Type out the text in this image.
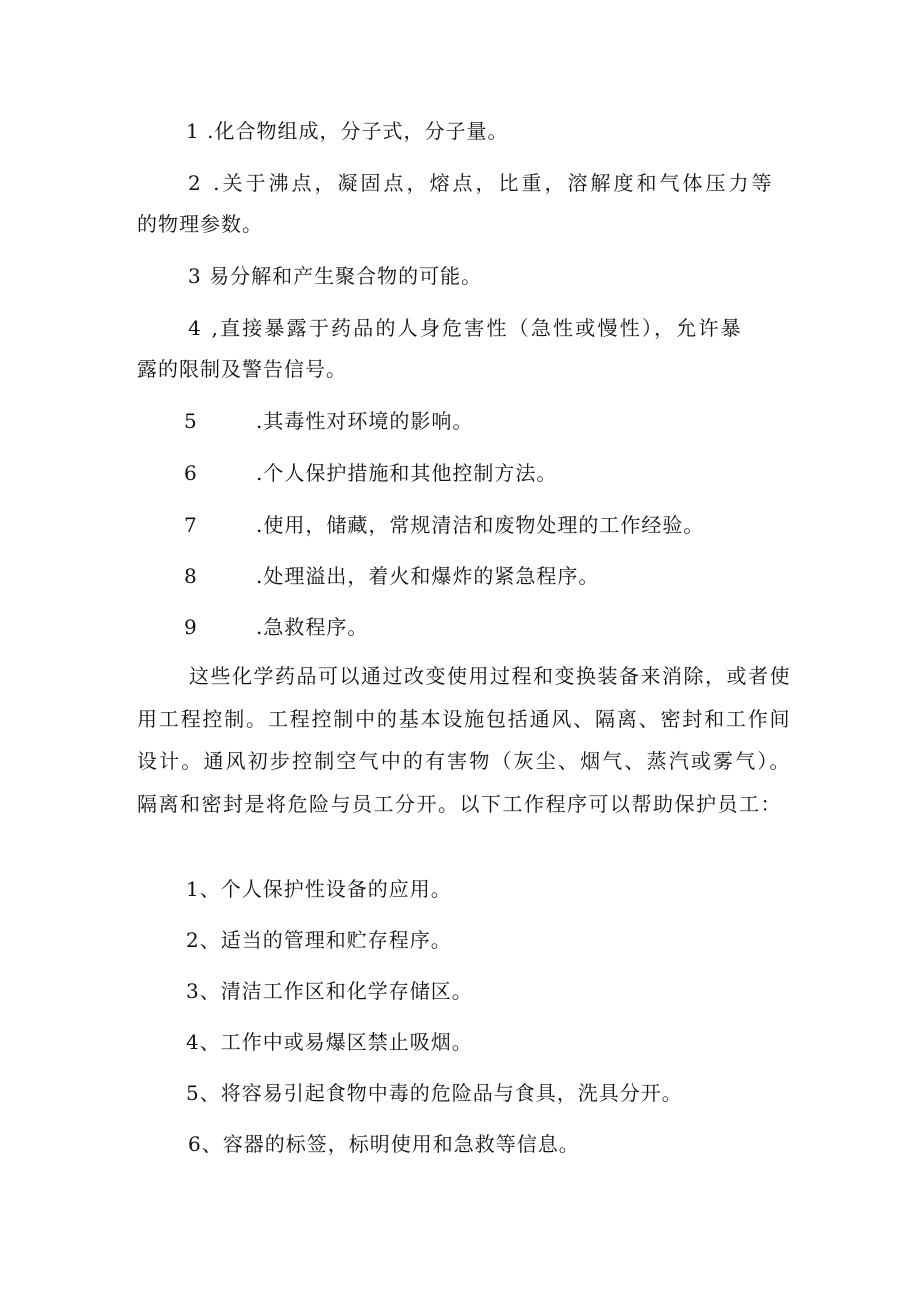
1 .化合物组成，分子式，分子量。
2 .关于沸点，凝固点，熔点，比重，溶解度和气体压力等
的物理参数。
3 易分解和产生聚合物的可能。
4 ,直接暴露于药品的人身危害性（急性或慢性），允许暴
露的限制及警告信号。
5	.其毒性对环境的影响。
6	.个人保护措施和其他控制方法。
7	.使用，储藏，常规清洁和废物处理的工作经验。
8	.处理溢出，着火和爆炸的紧急程序。
9	.急救程序。
这些化学药品可以通过改变使用过程和变换装备来消除，或者使用工程控制。工程控制中的基本设施包括通风、隔离、密封和工作间设计。通风初步控制空气中的有害物（灰尘、烟气、蒸汽或雾气）。隔离和密封是将危险与员工分开。以下工作程序可以帮助保护员工：
1、个人保护性设备的应用。
2、适当的管理和贮存程序。
3、清洁工作区和化学存储区。
4、工作中或易爆区禁止吸烟。
5、将容易引起食物中毒的危险品与食具，洗具分开。
6、容器的标签，标明使用和急救等信息。
